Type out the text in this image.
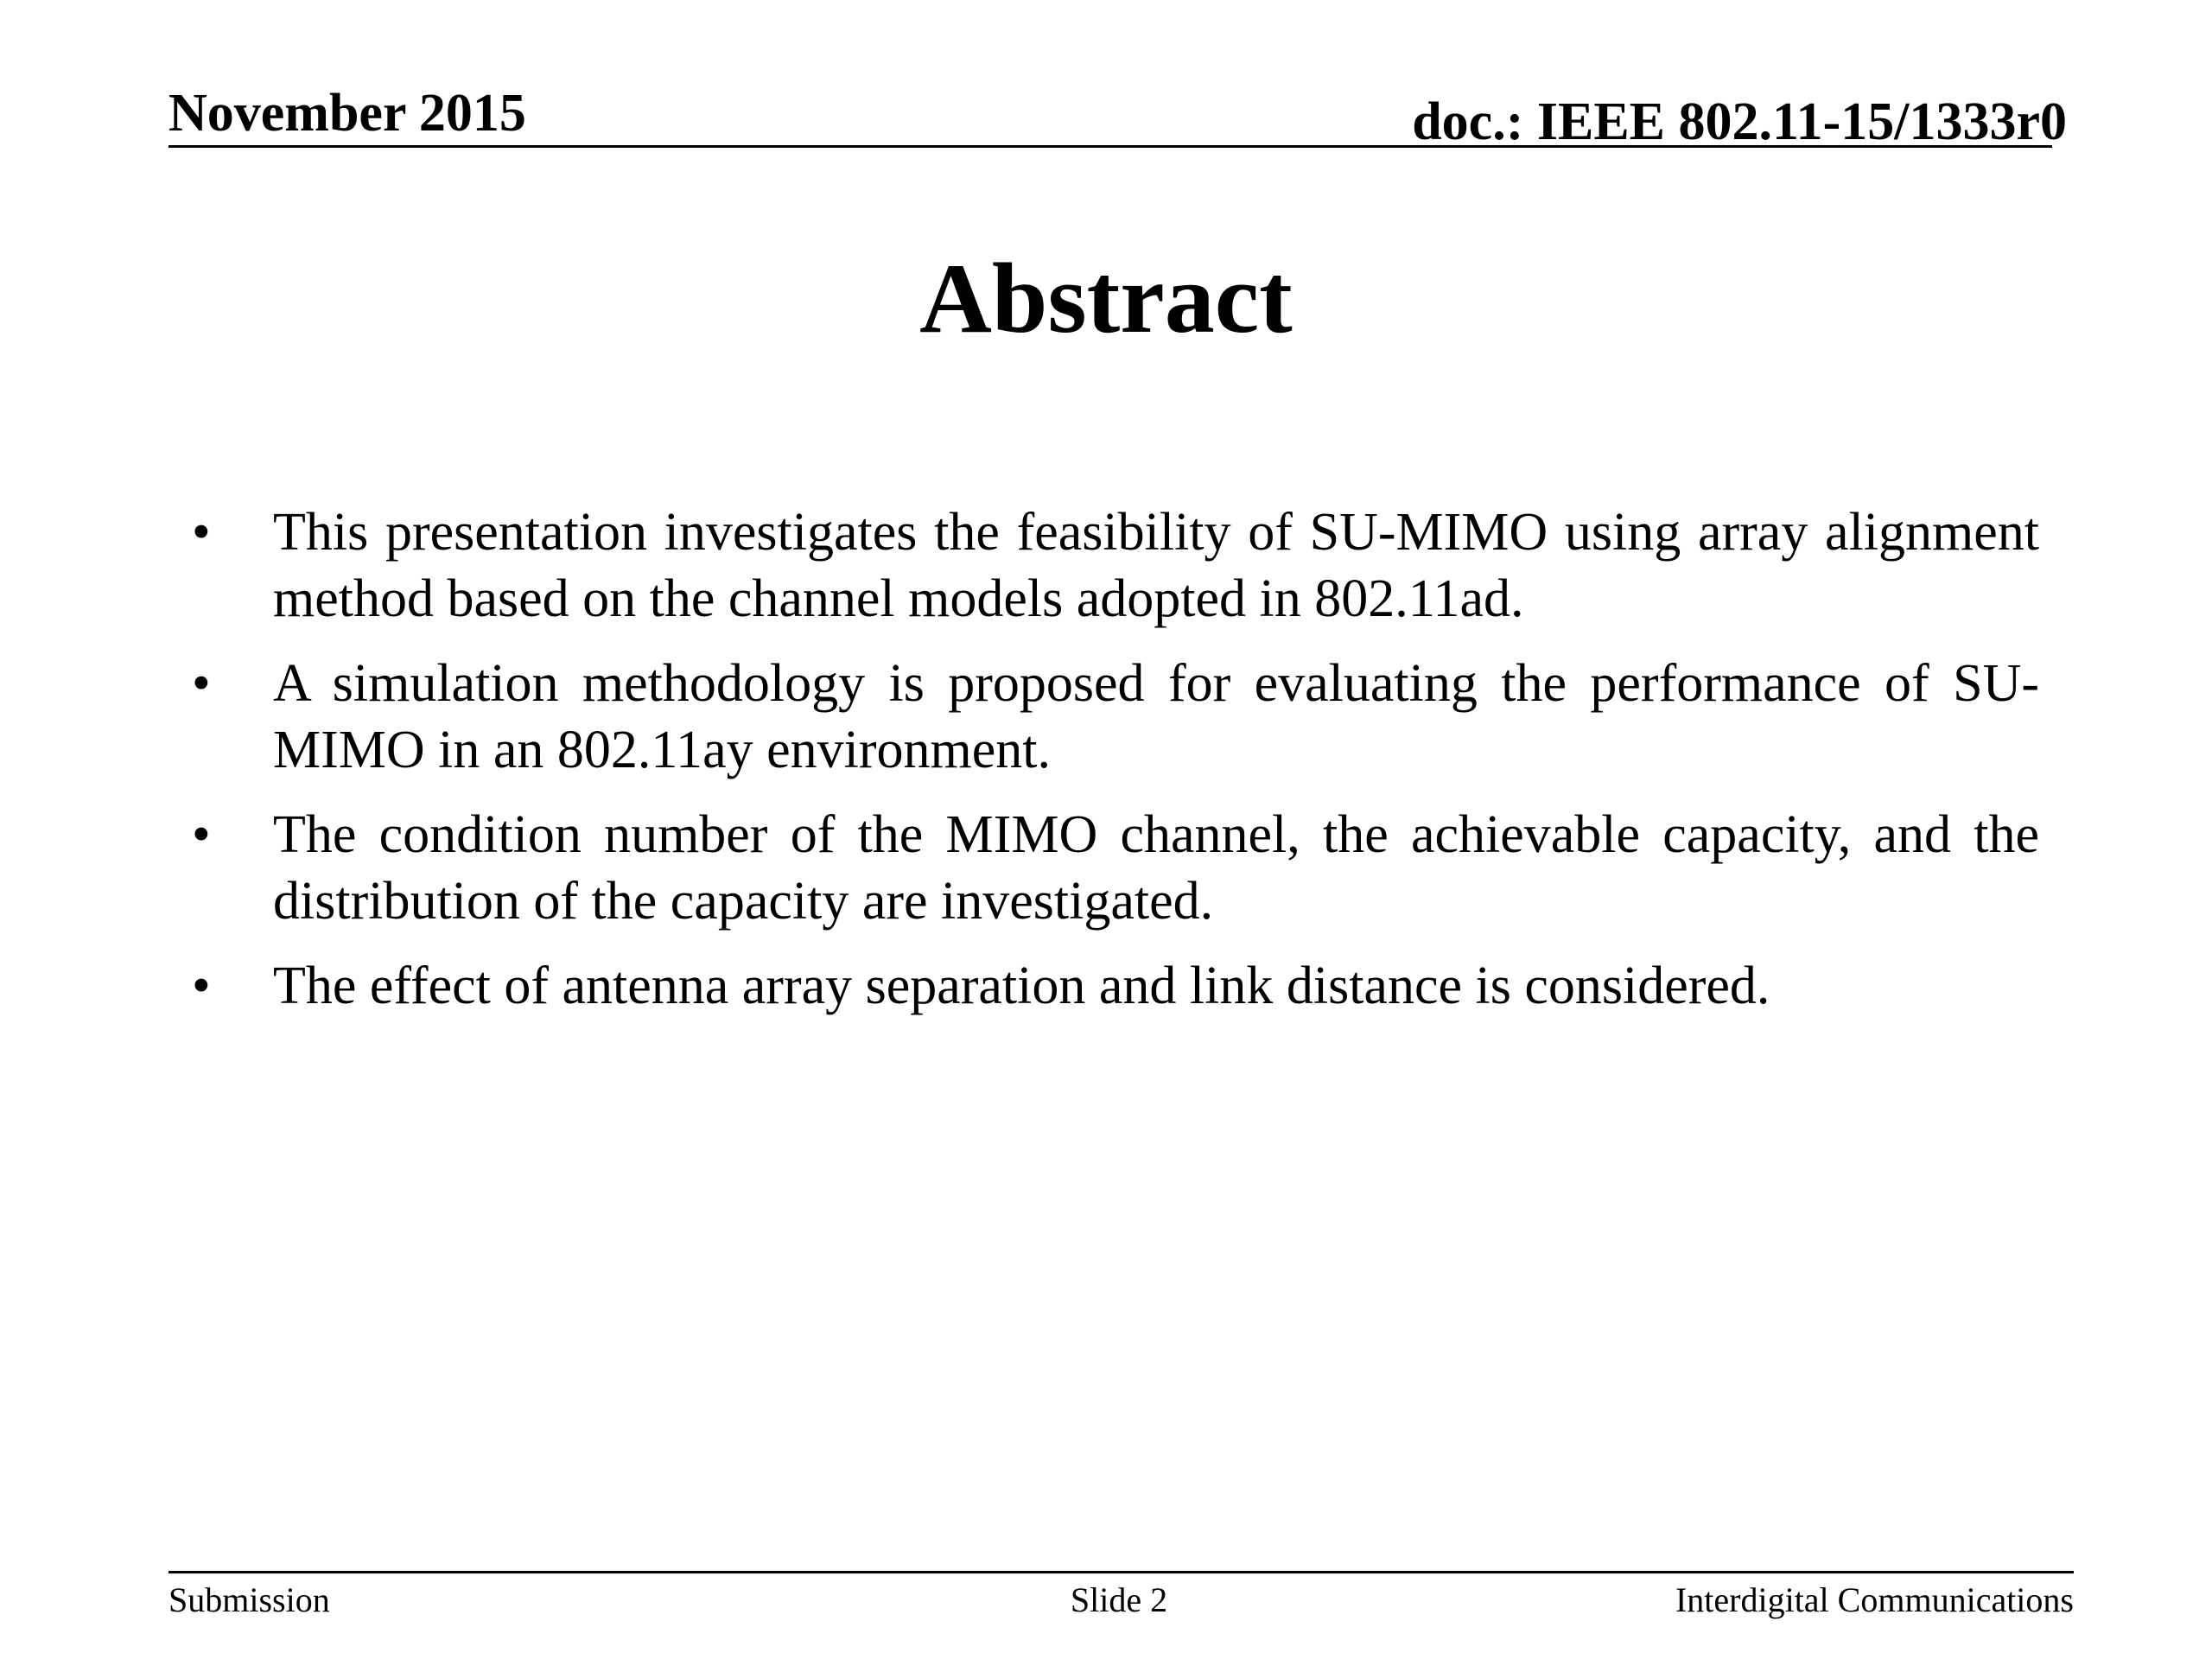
November 2015	doc.: IEEE 802.11-15/1333r0
Abstract
• This presentation investigates the feasibility of SU-MIMO using array alignment method based on the channel models adopted in 802.11ad.
• A simulation methodology is proposed for evaluating the performance of SU-MIMO in an 802.11ay environment.
• The condition number of the MIMO channel, the achievable capacity, and the distribution of the capacity are investigated.
• The effect of antenna array separation and link distance is considered.
Submission	Slide 2	Interdigital Communications
